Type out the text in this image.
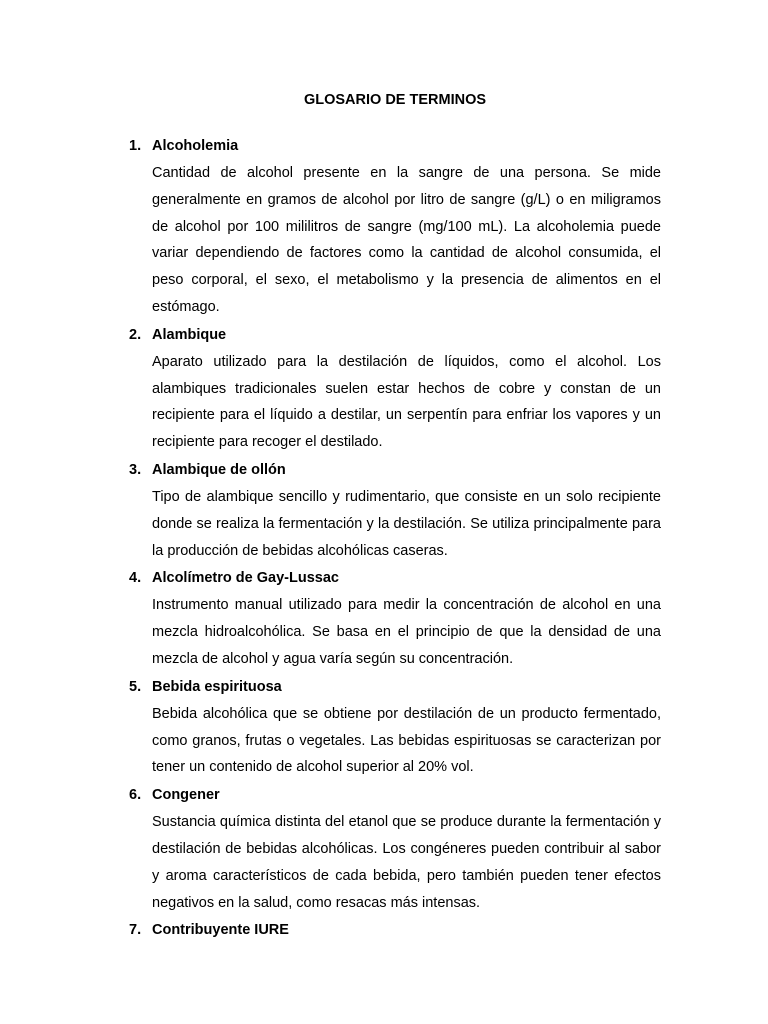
GLOSARIO DE TERMINOS
1. Alcoholemia

Cantidad de alcohol presente en la sangre de una persona. Se mide generalmente en gramos de alcohol por litro de sangre (g/L) o en miligramos de alcohol por 100 mililitros de sangre (mg/100 mL). La alcoholemia puede variar dependiendo de factores como la cantidad de alcohol consumida, el peso corporal, el sexo, el metabolismo y la presencia de alimentos en el estómago.

2. Alambique

Aparato utilizado para la destilación de líquidos, como el alcohol. Los alambiques tradicionales suelen estar hechos de cobre y constan de un recipiente para el líquido a destilar, un serpentín para enfriar los vapores y un recipiente para recoger el destilado.

3. Alambique de ollón

Tipo de alambique sencillo y rudimentario, que consiste en un solo recipiente donde se realiza la fermentación y la destilación. Se utiliza principalmente para la producción de bebidas alcohólicas caseras.

4. Alcolímetro de Gay-Lussac

Instrumento manual utilizado para medir la concentración de alcohol en una mezcla hidroalcohólica. Se basa en el principio de que la densidad de una mezcla de alcohol y agua varía según su concentración.

5. Bebida espirituosa

Bebida alcohólica que se obtiene por destilación de un producto fermentado, como granos, frutas o vegetales. Las bebidas espirituosas se caracterizan por tener un contenido de alcohol superior al 20% vol.

6. Congener

Sustancia química distinta del etanol que se produce durante la fermentación y destilación de bebidas alcohólicas. Los congéneres pueden contribuir al sabor y aroma característicos de cada bebida, pero también pueden tener efectos negativos en la salud, como resacas más intensas.

7. Contribuyente IURE
